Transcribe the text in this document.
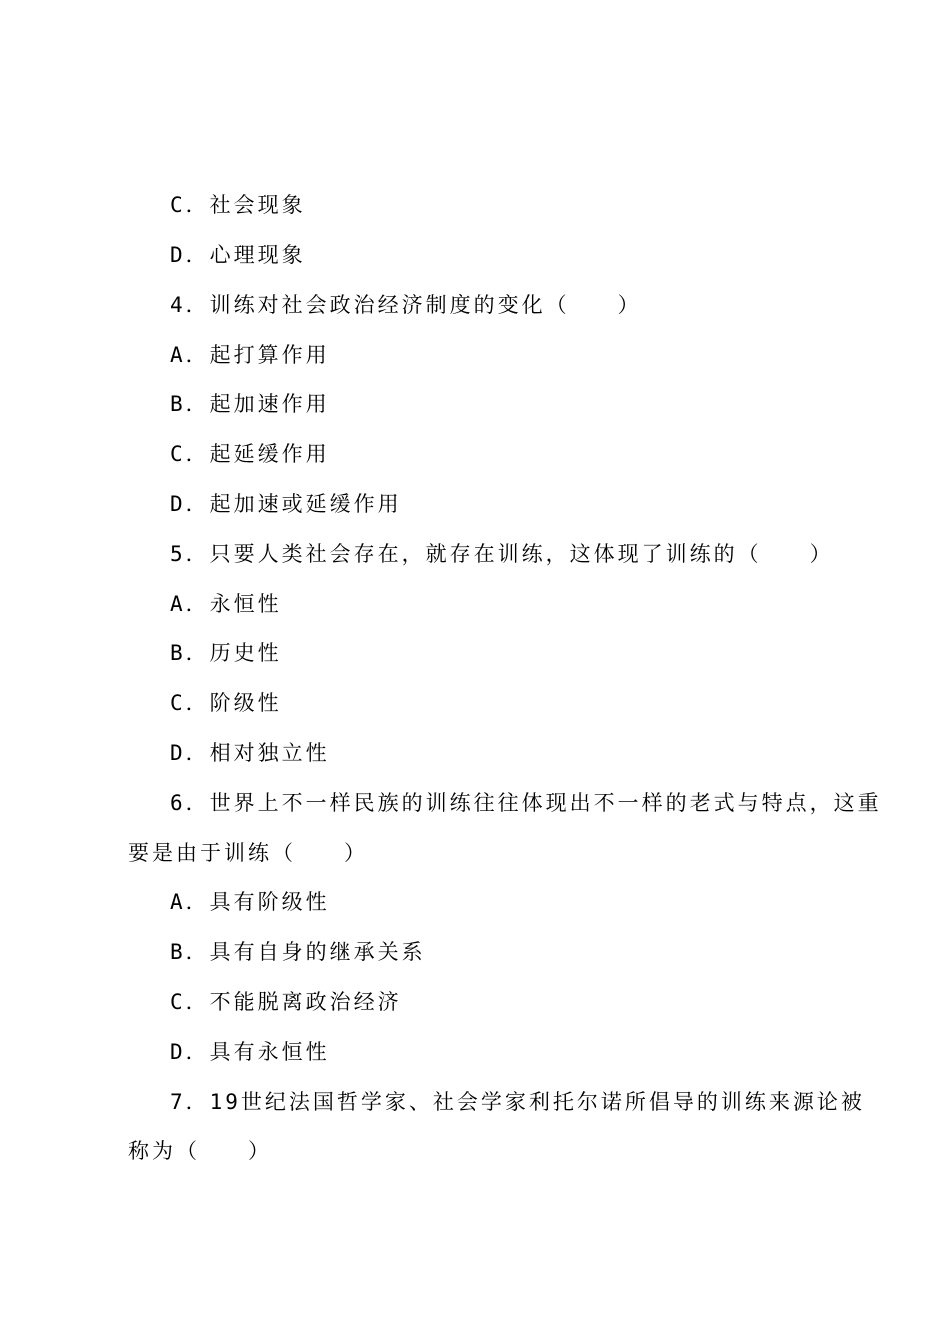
C．社会现象
D．心理现象
4．训练对社会政治经济制度的变化（　　）
A．起打算作用
B．起加速作用
C．起延缓作用
D．起加速或延缓作用
5．只要人类社会存在，就存在训练，这体现了训练的（　　）
A．永恒性
B．历史性
C．阶级性
D．相对独立性
6．世界上不一样民族的训练往往体现出不一样的老式与特点，这重
要是由于训练（　　）
A．具有阶级性
B．具有自身的继承关系
C．不能脱离政治经济
D．具有永恒性
7．19世纪法国哲学家、社会学家利托尔诺所倡导的训练来源论被
称为（　　）
